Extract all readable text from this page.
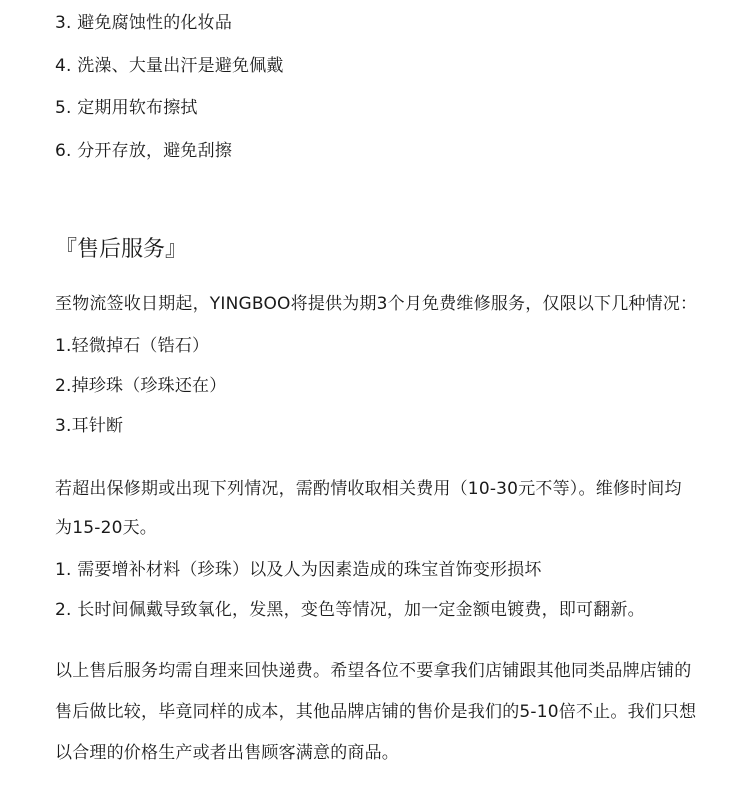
3. 避免腐蚀性的化妆品
4. 洗澡、大量出汗是避免佩戴
5. 定期用软布擦拭
6. 分开存放，避免刮擦
『售后服务』
至物流签收日期起，YINGBOO将提供为期3个月免费维修服务，仅限以下几种情况：
1.轻微掉石（锆石）
2.掉珍珠（珍珠还在）
3.耳针断
若超出保修期或出现下列情况，需酌情收取相关费用（10-30元不等）。维修时间均
为15-20天。
1. 需要增补材料（珍珠）以及人为因素造成的珠宝首饰变形损坏
2. 长时间佩戴导致氧化，发黑，变色等情况，加一定金额电镀费，即可翻新。
以上售后服务均需自理来回快递费。希望各位不要拿我们店铺跟其他同类品牌店铺的
售后做比较，毕竟同样的成本，其他品牌店铺的售价是我们的5-10倍不止。我们只想
以合理的价格生产或者出售顾客满意的商品。
